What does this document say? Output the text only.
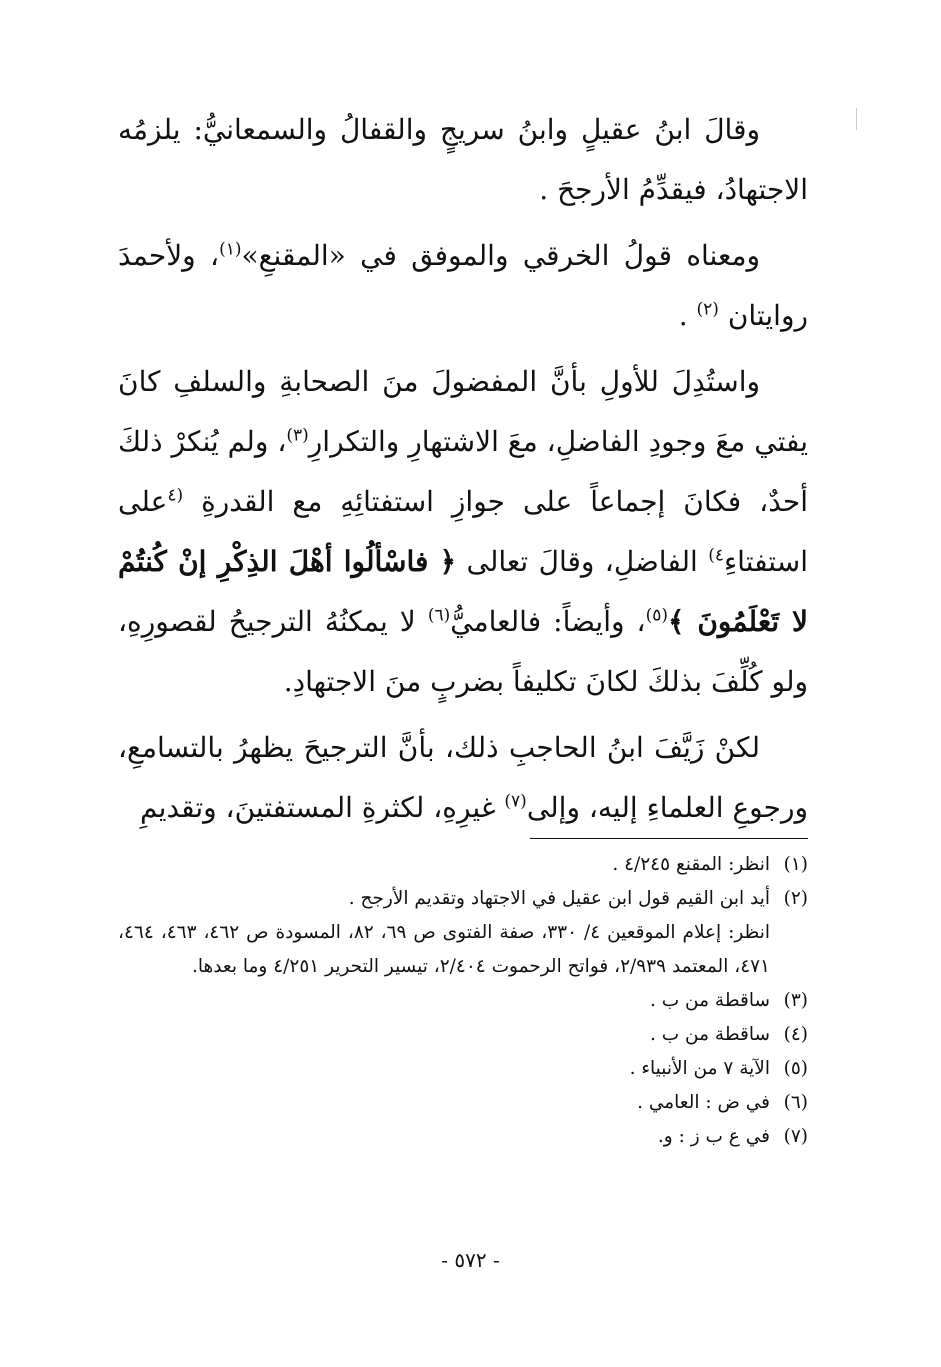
وقالَ ابنُ عقيلٍ وابنُ سريجٍ والقفالُ والسمعانيُّ: يلزمُه الاجتهادُ، فيقدِّمُ الأرجحَ .

ومعناه قولُ الخرقي والموفق في «المقنعِ»$^{(١)}$، ولأحمدَ روايتان $^{(٢)}$ .

واستُدِلَ للأولِ بأنَّ المفضولَ منَ الصحابةِ والسلفِ كانَ يفتي معَ وجودِ الفاضلِ، معَ الاشتهارِ والتكرارِ$^{(٣)}$، ولم يُنكرْ ذلكَ أحدٌ، فكانَ إجماعاً على جوازِ استفتائِهِ مع القدرةِ $^{(٤}$على استفتاءِ$^{٤)}$ الفاضلِ، وقالَ تعالى ﴿ فاسْألُوا أهْلَ الذِكْرِ إنْ كُنتُمْ لا تَعْلَمُونَ ﴾$^{(٥)}$، وأيضاً: فالعاميُّ$^{(٦)}$ لا يمكنُهُ الترجيحُ لقصورِهِ، ولو كُلِّفَ بذلكَ لكانَ تكليفاً بضربٍ منَ الاجتهادِ.

لكنْ زَيَّفَ ابنُ الحاجبِ ذلك، بأنَّ الترجيحَ يظهرُ بالتسامعِ، ورجوعِ العلماءِ إليه، وإلى$^{(٧)}$ غيرِهِ، لكثرةِ المستفتينَ، وتقديمِ

(١)
انظر: المقنع ٤/٢٤٥ .
(٢)
أيد ابن القيم قول ابن عقيل في الاجتهاد وتقديم الأرجح .
انظر: إعلام الموقعين ٤/ ٣٣٠، صفة الفتوى ص ٦٩، ٨٢، المسودة ص ٤٦٢، ٤٦٣، ٤٦٤، ٤٧١، المعتمد ٢/٩٣٩، فواتح الرحموت ٢/٤٠٤، تيسير التحرير ٤/٢٥١ وما بعدها.
(٣)
ساقطة من ب .
(٤)
ساقطة من ب .
(٥)
الآية ٧ من الأنبياء .
(٦)
في ض : العامي .
(٧)
في ع ب ز : و.
- ٥٧٢ -
